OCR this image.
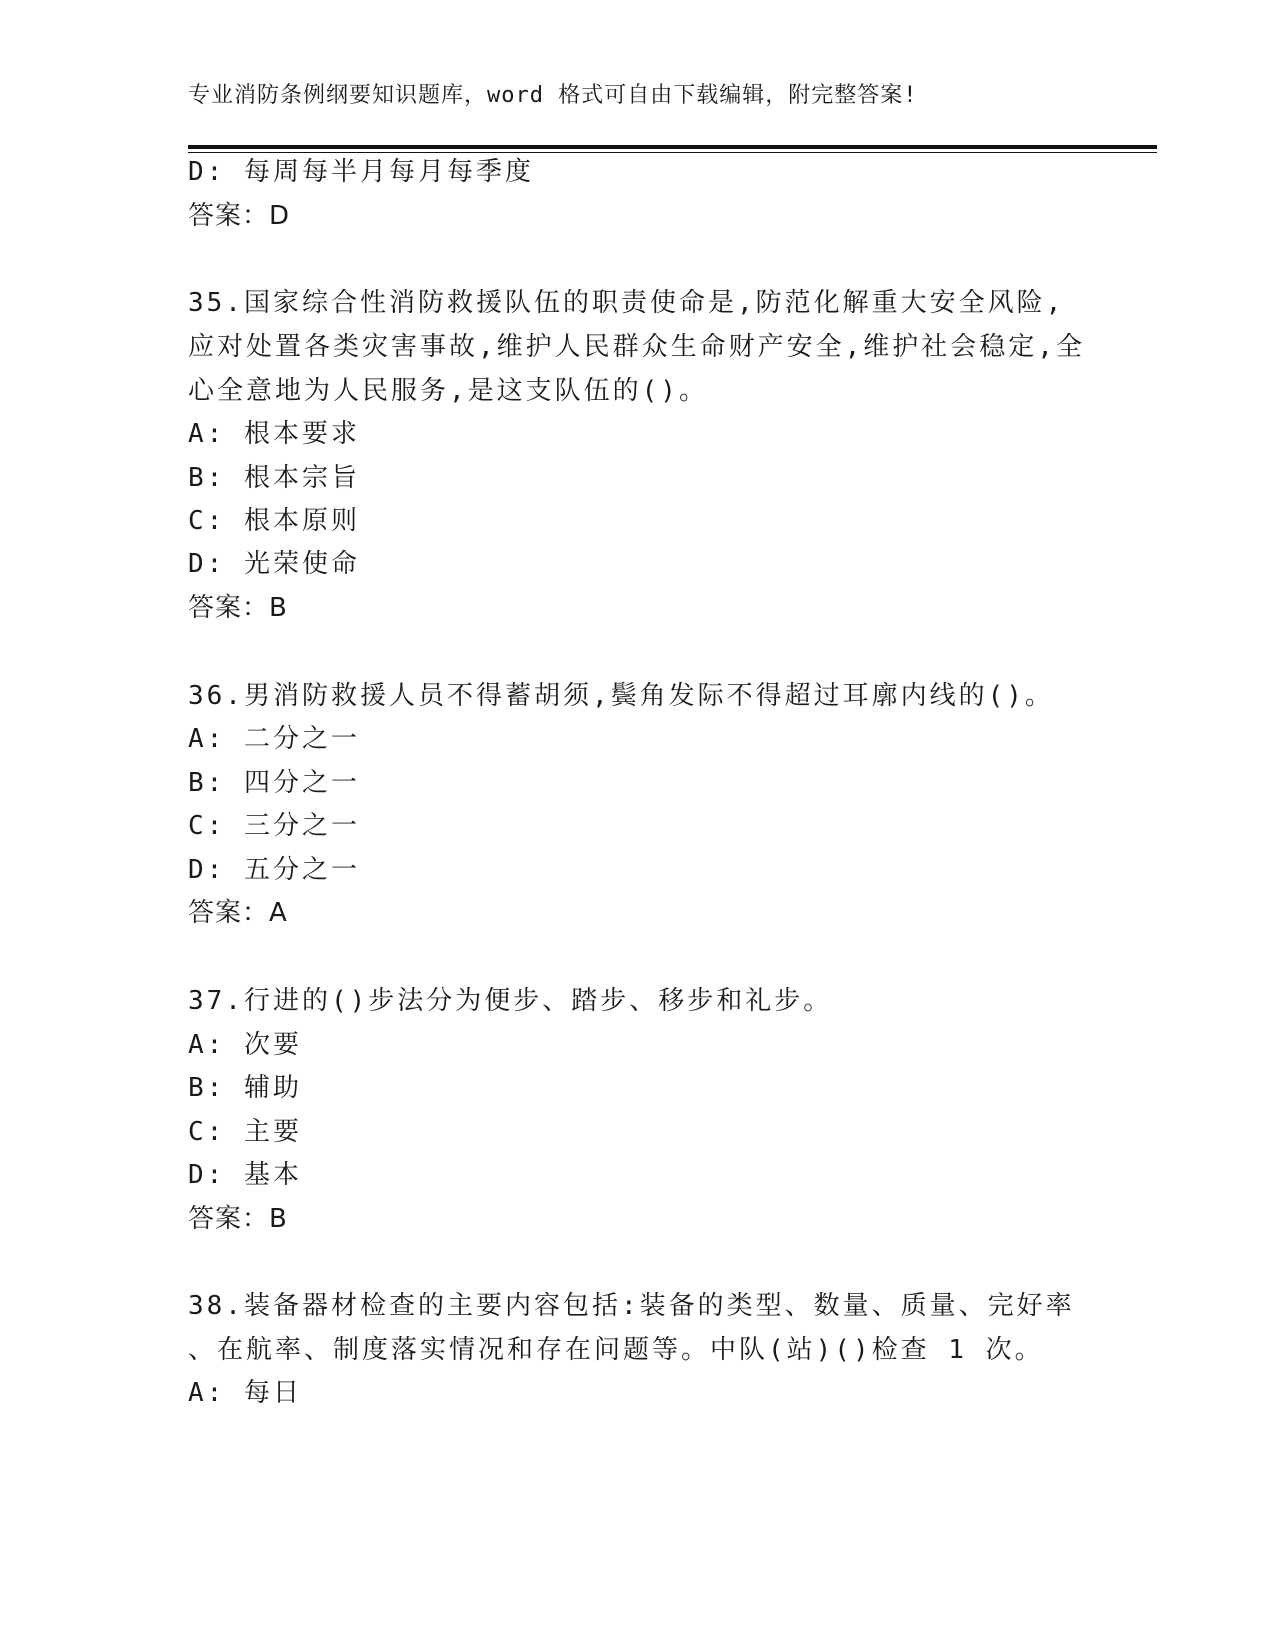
专业消防条例纲要知识题库，word 格式可自由下载编辑，附完整答案!
D: 每周每半月每月每季度
答案：D
35.国家综合性消防救援队伍的职责使命是,防范化解重大安全风险,
应对处置各类灾害事故,维护人民群众生命财产安全,维护社会稳定,全
心全意地为人民服务,是这支队伍的()。
A: 根本要求
B: 根本宗旨
C: 根本原则
D: 光荣使命
答案：B
36.男消防救援人员不得蓄胡须,鬓角发际不得超过耳廓内线的()。
A: 二分之一
B: 四分之一
C: 三分之一
D: 五分之一
答案：A
37.行进的()步法分为便步、踏步、移步和礼步。
A: 次要
B: 辅助
C: 主要
D: 基本
答案：B
38.装备器材检查的主要内容包括:装备的类型、数量、质量、完好率
、在航率、制度落实情况和存在问题等。中队(站)()检查 1 次。
A: 每日
